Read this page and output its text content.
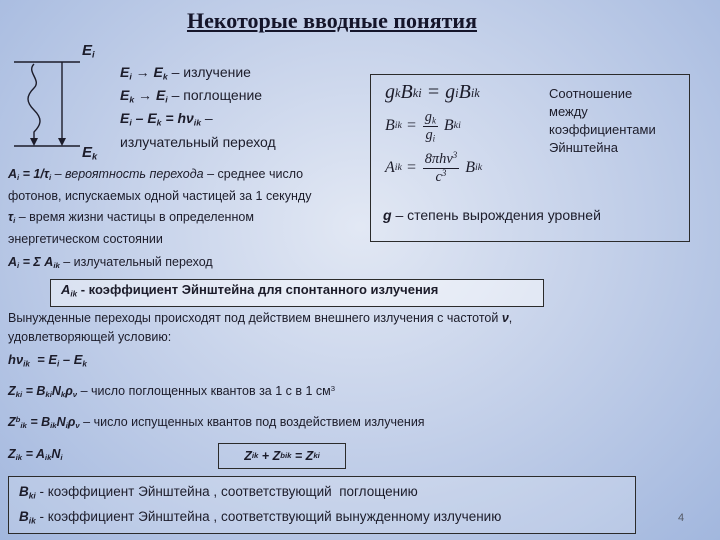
Некоторые вводные понятия
$E_i$
$E_k$
$E_i \to E_k$ – излучение
$E_k \to E_i$ – поглощение
$E_i - E_k = h\nu_{ik}$ –
излучательный переход
$A_i = 1/\tau_i$ – вероятность перехода – среднее число
фотонов, испускаемых одной частицей за 1 секунду
$\tau_i$ – время жизни частицы в определенном
энергетическом состоянии
$A_i = \Sigma$ $A_{ik}$ – излучательный переход
$A_{ik}$ - коэффициент Эйнштейна для спонтанного излучения
g k B ki = g i B ik
B ik = $\frac{g_k}{g_i}$ B ki
A ik = $\frac{8\pi h\nu^3}{c^3}$ B ik
Соотношение
между
коэффициентами
Эйнштейна
g – степень вырождения уровней
Вынужденные переходы происходят под действием внешнего излучения с частотой ν,
удовлетворяющей условию:
$h\nu_{ik} = E_i - E_k$
$Z_{ki} = B_{ki}N_k\rho_\nu$ – число поглощенных квантов за 1 с в 1 $см^3$
$Z^b_{ik} = B_{ik}N_i\rho_\nu$ – число испущенных квантов под воздействием излучения
$Z_{ik} = A_{ik}N_i$	Z ik + Z b ik = Z ki
$B_{ki}$ - коэффициент Эйнштейна , соответствующий  поглощению
$B_{ik}$ - коэффициент Эйнштейна , соответствующий вынужденному излучению	4
